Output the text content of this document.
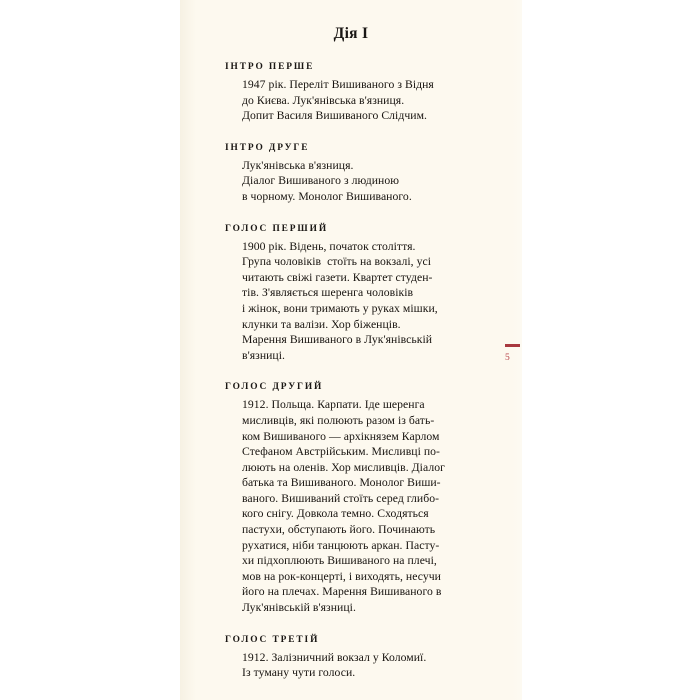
Дія I
ІНТРО ПЕРШЕ
1947 рік. Переліт Вишиваного з Відня
до Києва. Лук'янівська в'язниця.
Допит Василя Вишиваного Слідчим.
ІНТРО ДРУГЕ
Лук'янівська в'язниця.
Діалог Вишиваного з людиною
в чорному. Монолог Вишиваного.
ГОЛОС ПЕРШИЙ
1900 рік. Відень, початок століття.
Група чоловіків  стоїть на вокзалі, усі
читають свіжі газети. Квартет студен-
тів. З'являється шеренга чоловіків
і жінок, вони тримають у руках мішки,
клунки та валізи. Хор біженців.
Марення Вишиваного в Лук'янівській
в'язниці.
ГОЛОС ДРУГИЙ
1912. Польща. Карпати. Іде шеренга
мисливців, які полюють разом із бать-
ком Вишиваного — архікнязем Карлом
Стефаном Австрійським. Мисливці по-
люють на оленів. Хор мисливців. Діалог
батька та Вишиваного. Монолог Виши-
ваного. Вишиваний стоїть серед глибо-
кого снігу. Довкола темно. Сходяться
пастухи, обступають його. Починають
рухатися, ніби танцюють аркан. Пасту-
хи підхоплюють Вишиваного на плечі,
мов на рок-концерті, і виходять, несучи
його на плечах. Марення Вишиваного в
Лук'янівській в'язниці.
ГОЛОС ТРЕТІЙ
1912. Залізничний вокзал у Коломиї.
Із туману чути голоси.
5
